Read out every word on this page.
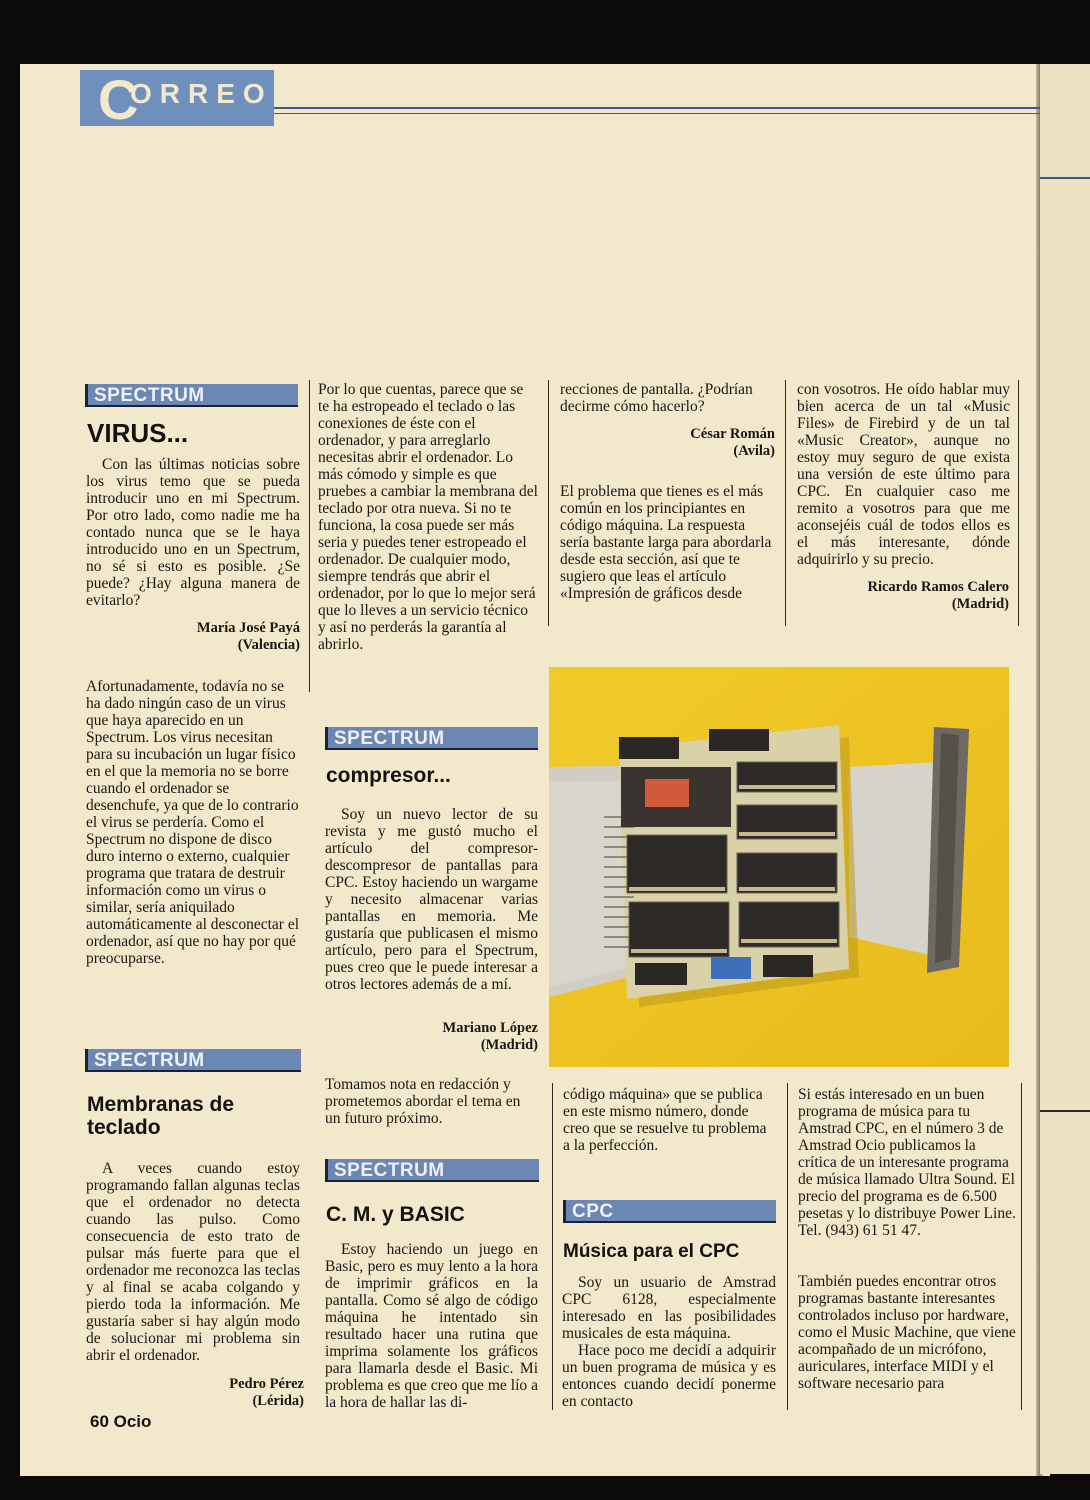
C
ORREO
SPECTRUM
VIRUS...
Con las últimas noticias sobre los virus temo que se pueda introducir uno en mi Spectrum. Por otro lado, como nadie me ha contado nunca que se le haya introducido uno en un Spectrum, no sé si esto es posible. ¿Se puede? ¿Hay alguna manera de evitarlo?

María José Payá

(Valencia)

Afortunadamente, todavía no se ha dado ningún caso de un virus que haya aparecido en un Spectrum. Los virus necesitan para su incubación un lugar físico en el que la memoria no se borre cuando el ordenador se desenchufe, ya que de lo contrario el virus se perdería. Como el Spectrum no dispone de disco duro interno o externo, cualquier programa que tratara de destruir información como un virus o similar, sería aniquilado automáticamente al desconectar el ordenador, así que no hay por qué preocuparse.
SPECTRUM
Membranas de teclado
A veces cuando estoy programando fallan algunas teclas que el ordenador no detecta cuando las pulso. Como consecuencia de esto trato de pulsar más fuerte para que el ordenador me reconozca las teclas y al final se acaba colgando y pierdo toda la información. Me gustaría saber si hay algún modo de solucionar mi problema sin abrir el ordenador.

Pedro Pérez

(Lérida)

Por lo que cuentas, parece que se te ha estropeado el teclado o las conexiones de éste con el ordenador, y para arreglarlo necesitas abrir el ordenador. Lo más cómodo y simple es que pruebes a cambiar la membrana del teclado por otra nueva. Si no te funciona, la cosa puede ser más seria y puedes tener estropeado el ordenador. De cualquier modo, siempre tendrás que abrir el ordenador, por lo que lo mejor será que lo lleves a un servicio técnico y así no perderás la garantía al abrirlo.
SPECTRUM
compresor...
Soy un nuevo lector de su revista y me gustó mucho el artículo del compresor-descompresor de pantallas para CPC. Estoy haciendo un wargame y necesito almacenar varias pantallas en memoria. Me gustaría que publicasen el mismo artículo, pero para el Spectrum, pues creo que le puede interesar a otros lectores además de a mí.

Mariano López

(Madrid)

Tomamos nota en redacción y prometemos abordar el tema en un futuro próximo.
SPECTRUM
C. M. y BASIC
Estoy haciendo un juego en Basic, pero es muy lento a la hora de imprimir gráficos en la pantalla. Como sé algo de código máquina he intentado sin resultado hacer una rutina que imprima solamente los gráficos para llamarla desde el Basic. Mi problema es que creo que me lío a la hora de hallar las di-
recciones de pantalla. ¿Podrían decirme cómo hacerlo?

César Román

(Avila)

El problema que tienes es el más común en los principiantes en código máquina. La respuesta sería bastante larga para abordarla desde esta sección, así que te sugiero que leas el artículo «Impresión de gráficos desde
con vosotros. He oído hablar muy bien acerca de un tal «Music Files» de Firebird y de un tal «Music Creator», aunque no estoy muy seguro de que exista una versión de este último para CPC. En cualquier caso me remito a vosotros para que me aconsejéis cuál de todos ellos es el más interesante, dónde adquirirlo y su precio.

Ricardo Ramos Calero

(Madrid)

código máquina» que se publica en este mismo número, donde creo que se resuelve tu problema a la perfección.
CPC
Música para el CPC
Soy un usuario de Amstrad CPC 6128, especialmente interesado en las posibilidades musicales de esta máquina.
Hace poco me decidí a adquirir un buen programa de música y es entonces cuando decidí ponerme en contacto
Si estás interesado en un buen programa de música para tu Amstrad CPC, en el número 3 de Amstrad Ocio publicamos la crítica de un interesante programa de música llamado Ultra Sound. El precio del programa es de 6.500 pesetas y lo distribuye Power Line. Tel. (943) 61 51 47.
También puedes encontrar otros programas bastante interesantes controlados incluso por hardware, como el Music Machine, que viene acompañado de un micrófono, auriculares, interface MIDI y el software necesario para
60 Ocio
